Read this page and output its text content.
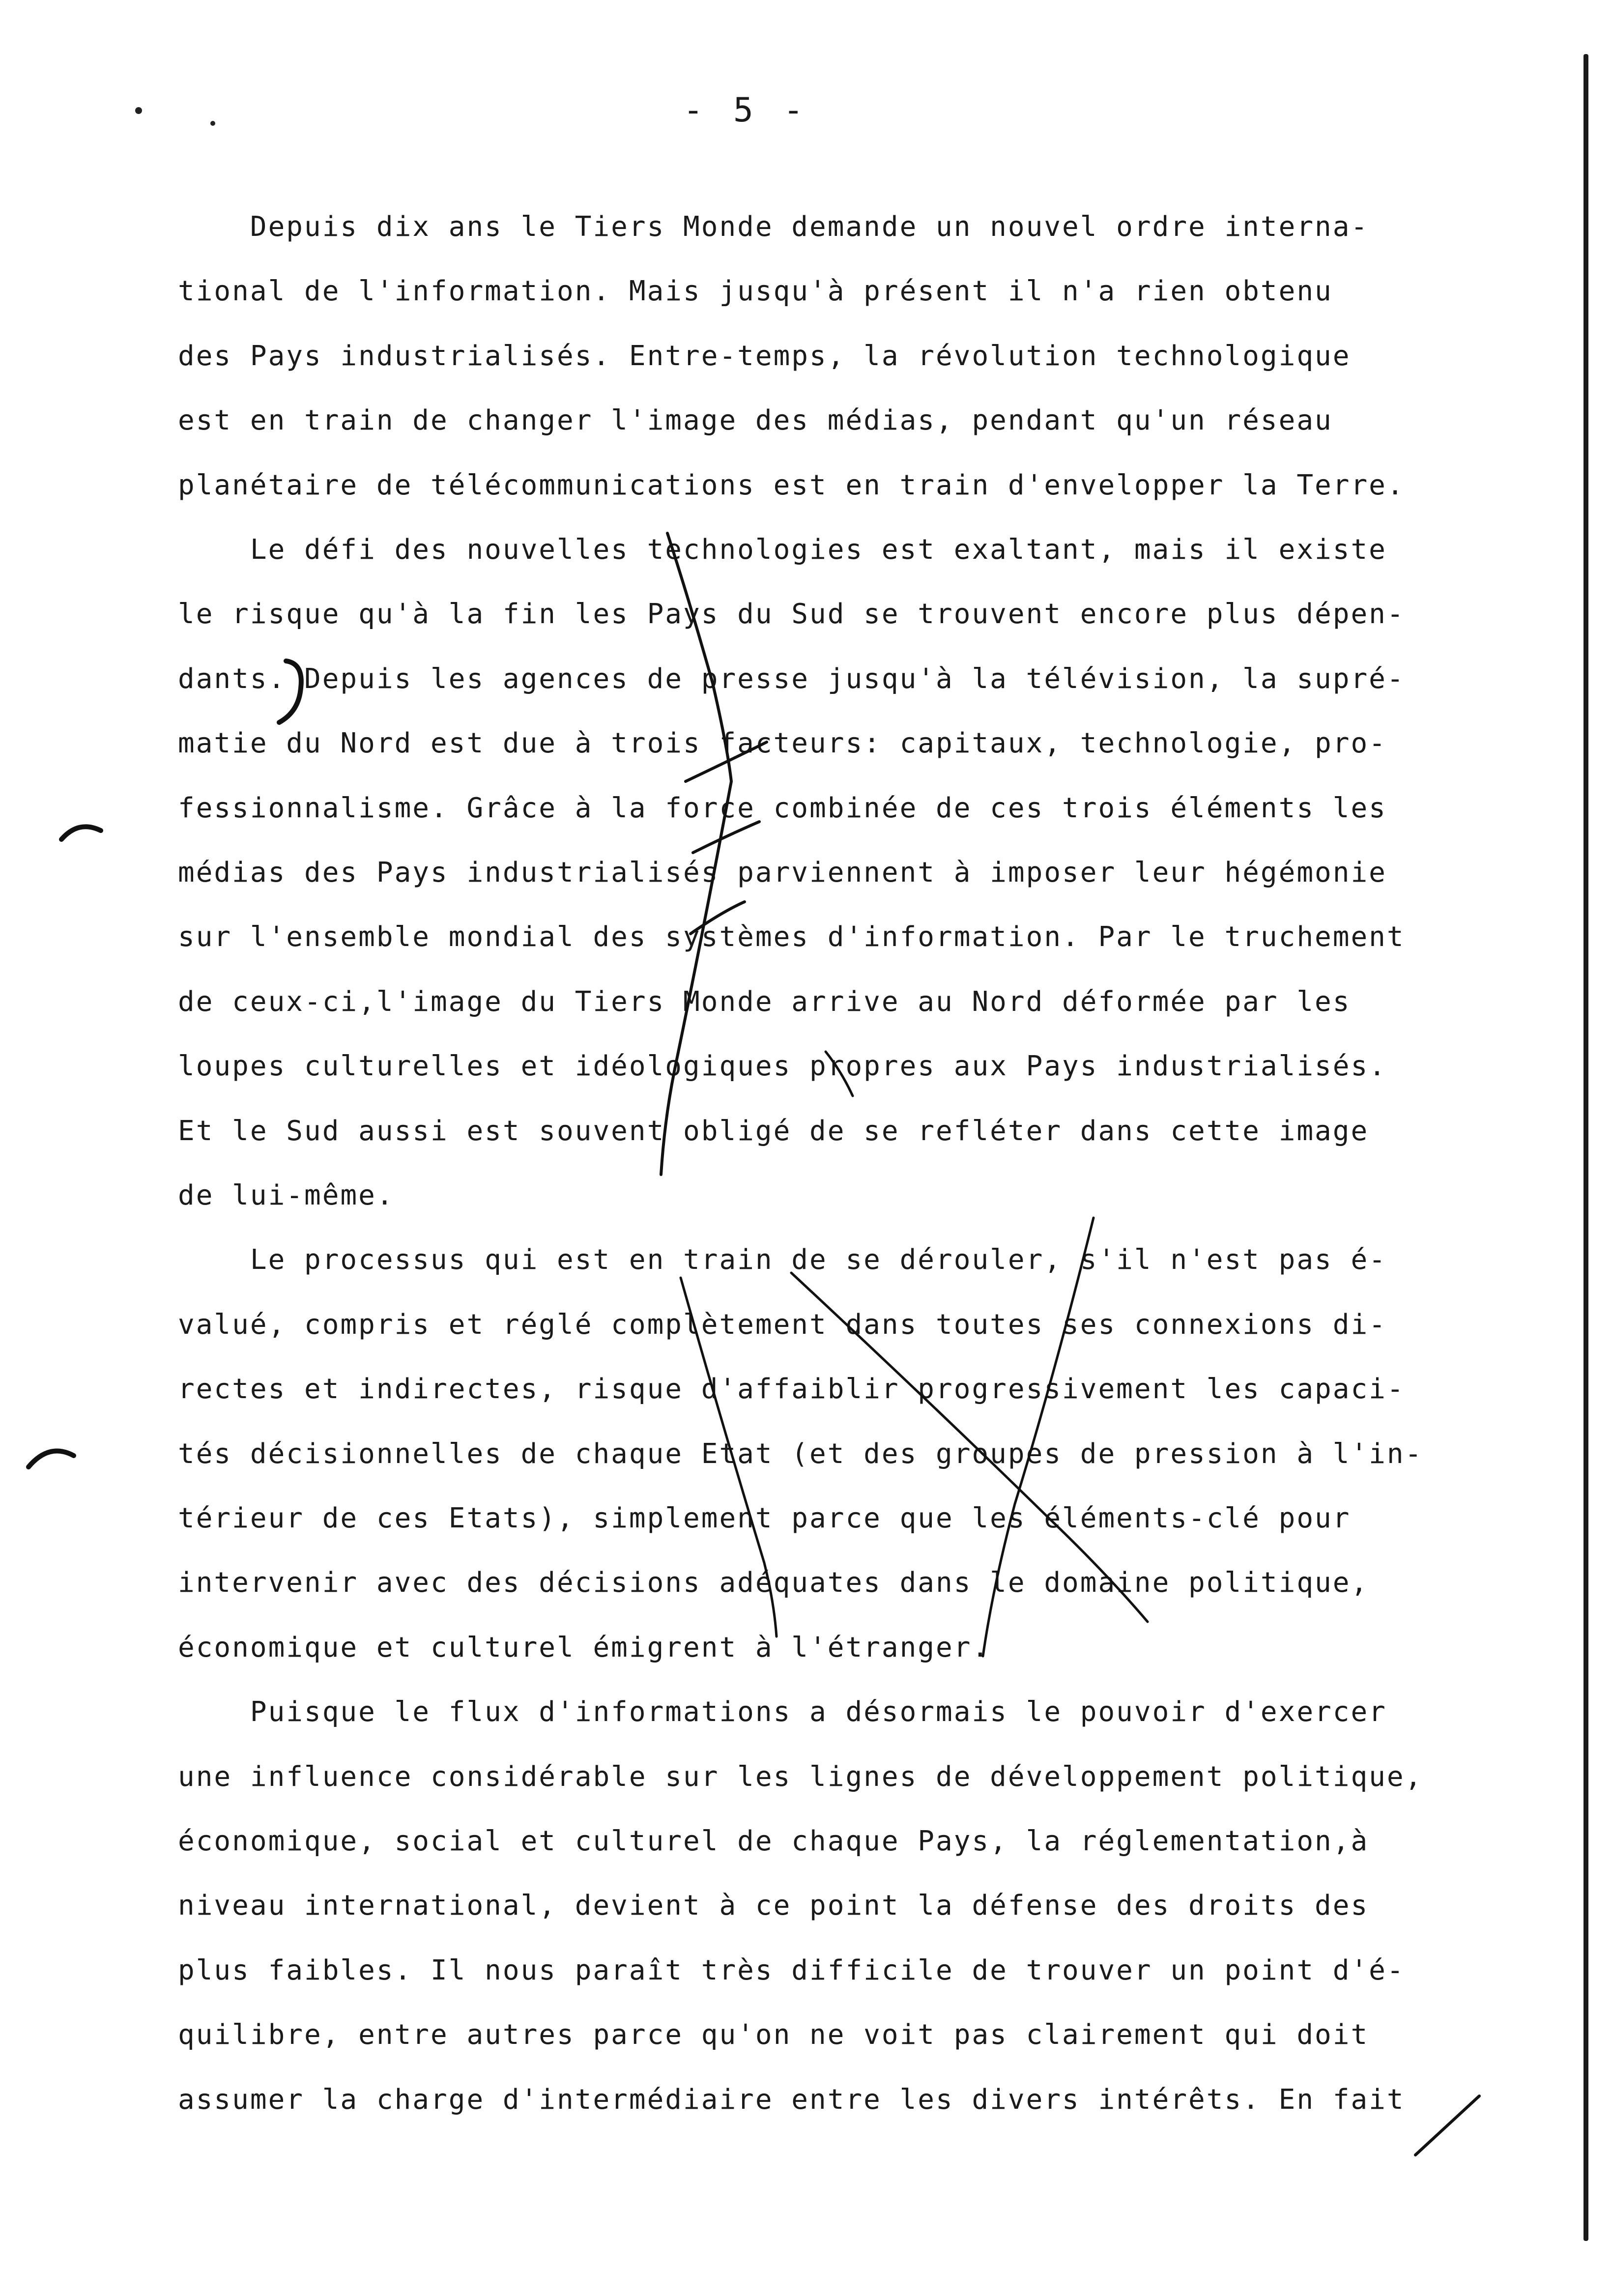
- 5 -
Depuis dix ans le Tiers Monde demande un nouvel ordre interna-
tional de l'information. Mais jusqu'à présent il n'a rien obtenu
des Pays industrialisés. Entre-temps, la révolution technologique
est en train de changer l'image des médias, pendant qu'un réseau
planétaire de télécommunications est en train d'envelopper la Terre.
Le défi des nouvelles technologies est exaltant, mais il existe
le risque qu'à la fin les Pays du Sud se trouvent encore plus dépen-
dants. Depuis les agences de presse jusqu'à la télévision, la supré-
matie du Nord est due à trois facteurs: capitaux, technologie, pro-
fessionnalisme. Grâce à la force combinée de ces trois éléments les
médias des Pays industrialisés parviennent à imposer leur hégémonie
sur l'ensemble mondial des systèmes d'information. Par le truchement
de ceux-ci,l'image du Tiers Monde arrive au Nord déformée par les
loupes culturelles et idéologiques propres aux Pays industrialisés.
Et le Sud aussi est souvent obligé de se refléter dans cette image
de lui-même.
Le processus qui est en train de se dérouler, s'il n'est pas é-
valué, compris et réglé complètement dans toutes ses connexions di-
rectes et indirectes, risque d'affaiblir progressivement les capaci-
tés décisionnelles de chaque Etat (et des groupes de pression à l'in-
térieur de ces Etats), simplement parce que les éléments-clé pour
intervenir avec des décisions adéquates dans le domaine politique,
économique et culturel émigrent à l'étranger.
Puisque le flux d'informations a désormais le pouvoir d'exercer
une influence considérable sur les lignes de développement politique,
économique, social et culturel de chaque Pays, la réglementation,à
niveau international, devient à ce point la défense des droits des
plus faibles. Il nous paraît très difficile de trouver un point d'é-
quilibre, entre autres parce qu'on ne voit pas clairement qui doit
assumer la charge d'intermédiaire entre les divers intérêts. En fait
